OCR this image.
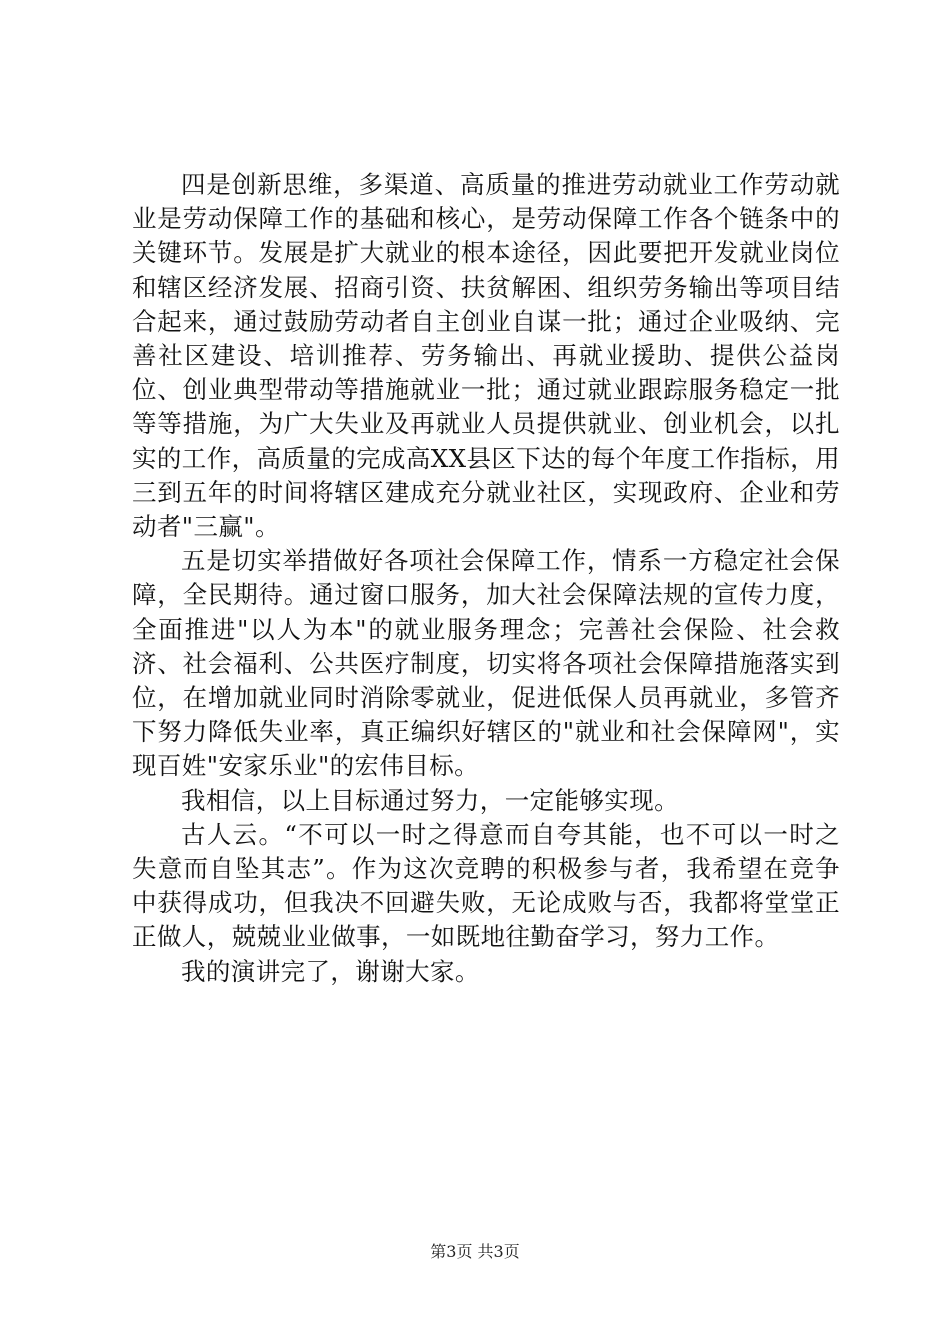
四是创新思维，多渠道、高质量的推进劳动就业工作劳动就业是劳动保障工作的基础和核心，是劳动保障工作各个链条中的关键环节。发展是扩大就业的根本途径，因此要把开发就业岗位和辖区经济发展、招商引资、扶贫解困、组织劳务输出等项目结合起来，通过鼓励劳动者自主创业自谋一批；通过企业吸纳、完善社区建设、培训推荐、劳务输出、再就业援助、提供公益岗位、创业典型带动等措施就业一批；通过就业跟踪服务稳定一批等等措施，为广大失业及再就业人员提供就业、创业机会，以扎实的工作，高质量的完成高XX县区下达的每个年度工作指标，用三到五年的时间将辖区建成充分就业社区，实现政府、企业和劳动者"三赢"。

五是切实举措做好各项社会保障工作，情系一方稳定社会保障，全民期待。通过窗口服务，加大社会保障法规的宣传力度，全面推进"以人为本"的就业服务理念；完善社会保险、社会救济、社会福利、公共医疗制度，切实将各项社会保障措施落实到位，在增加就业同时消除零就业，促进低保人员再就业，多管齐下努力降低失业率，真正编织好辖区的"就业和社会保障网"，实现百姓"安家乐业"的宏伟目标。

我相信，以上目标通过努力，一定能够实现。

古人云。“不可以一时之得意而自夸其能，也不可以一时之失意而自坠其志”。作为这次竞聘的积极参与者，我希望在竞争中获得成功，但我决不回避失败，无论成败与否，我都将堂堂正正做人，兢兢业业做事，一如既地往勤奋学习，努力工作。

我的演讲完了，谢谢大家。

第3页 共3页
